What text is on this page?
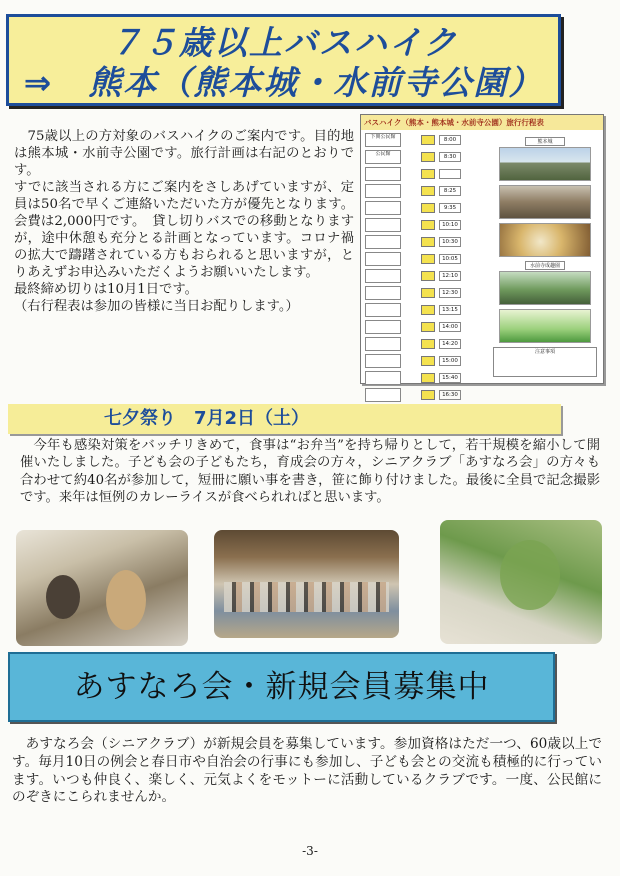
７５歳以上バスハイク
⇒　熊本（熊本城・水前寺公園）

　75歳以上の方対象のバスハイクのご案内です。目的地は熊本城・水前寺公園です。旅行計画は右記のとおりです。

すでに該当される方にご案内をさしあげていますが、定員は50名で早くご連絡いただいた方が優先となります。会費は2,000円です。　貸し切りバスでの移動となりますが，途中休憩も充分とる計画となっています。コロナ禍の拡大で躊躇されている方もおられると思いますが，とりあえずお申込みいただくようお願いいたします。

最終締め切りは10月1日です。

（右行程表は参加の皆様に当日お配りします。）

バスハイク（熊本・熊本城・水前寺公園）旅行行程表
下関公民館	8:00
公民館	8:30
8:25
9:35
10:10
10:30
10:05
12:10
12:30
13:15
14:00
14:20
15:00
15:40
16:30
熊本城
水前寺成趣園
注意事項
七夕祭り　7月2日（土）
　今年も感染対策をバッチリきめて，食事は“お弁当”を持ち帰りとして，若干規模を縮小して開催いたしました。子ども会の子どもたち，育成会の方々，シニアクラブ「あすなろ会」の方々も合わせて約40名が参加して，短冊に願い事を書き，笹に飾り付けました。最後に全員で記念撮影です。来年は恒例のカレーライスが食べられればと思います。
あすなろ会・新規会員募集中
　あすなろ会（シニアクラブ）が新規会員を募集しています。参加資格はただ一つ、60歳以上です。毎月10日の例会と春日市や自治会の行事にも参加し、子ども会との交流も積極的に行っています。いつも仲良く、楽しく、元気よくをモットーに活動しているクラブです。一度、公民館にのぞきにこられませんか。
-3-
